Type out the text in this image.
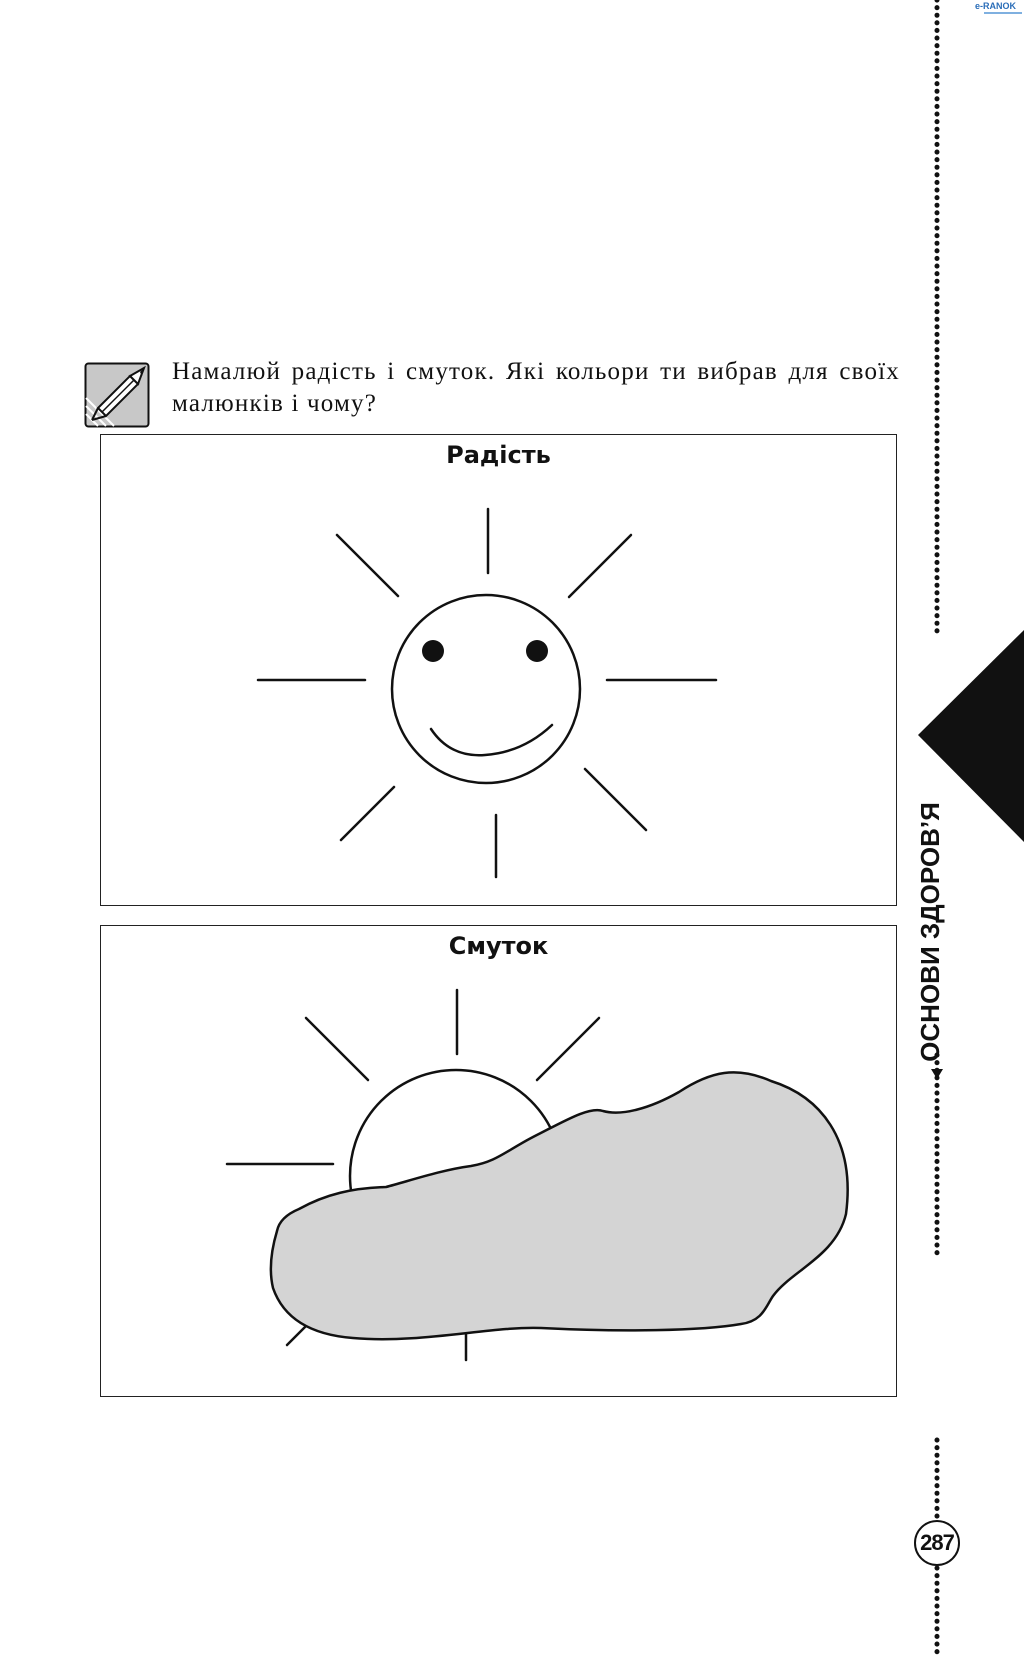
e-RANOK
Намалюй радість і смуток. Які кольори ти вибрав для своїх малюнків і чому?
Радість
Смуток	ОСНОВИ ЗДОРОВ’Я
287
